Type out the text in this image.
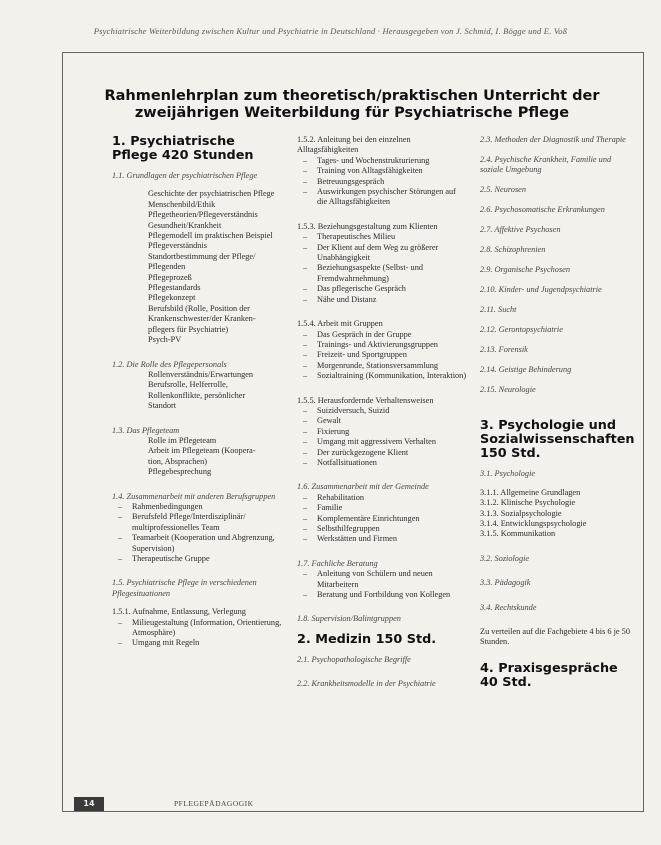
Psychiatrische Weiterbildung zwischen Kultur und Psychiatrie in Deutschland · Herausgegeben von J. Schmid, I. Bögge und E. Voß
Rahmenlehrplan zum theoretisch/praktischen Unterricht der
zweijährigen Weiterbildung für Psychiatrische Pflege
1. Psychiatrische
Pflege 420 Stunden
1.1. Grundlagen der psychiatrischen Pflege
Geschichte der psychiatrischen Pflege
Menschenbild/Ethik
Pflegetheorien/Pflegeverständnis
Gesundheit/Krankheit
Pflegemodell im praktischen Beispiel
Pflegeverständnis
Standortbestimmung der Pflege/
Pflegenden
Pflegeprozeß
Pflegestandards
Pflegekonzept
Berufsbild (Rolle, Position der Krankenschwester/der Kranken-
pflegers für Psychiatrie)
Psych-PV
1.2. Die Rolle des Pflegepersonals
Rollenverständnis/Erwartungen
Berufsrolle, Helferrolle,
Rollenkonflikte, persönlicher
Standort
1.3. Das Pflegeteam
Rolle im Pflegeteam
Arbeit im Pflegeteam (Koopera-
tion, Absprachen)
Pflegebesprechung
1.4. Zusammenarbeit mit anderen Berufsgruppen
– Rahmenbedingungen
– Berufsfeld Pflege/Interdisziplinär/ multiprofessionelles Team
– Teamarbeit (Kooperation und Abgrenzung, Supervision)
– Therapeutische Gruppe
1.5. Psychiatrische Pflege in verschiedenen Pflegesituationen
1.5.1. Aufnahme, Entlassung, Verlegung
– Milieugestaltung (Information, Orientierung, Atmosphäre)
– Umgang mit Regeln
1.5.2. Anleitung bei den einzelnen Alltagsfähigkeiten
– Tages- und Wochenstrukturierung
– Training von Alltagsfähigkeiten
– Betreuungsgespräch
– Auswirkungen psychischer Störungen auf die Alltagsfähigkeiten
1.5.3. Beziehungsgestaltung zum Klienten
– Therapeutisches Milieu
– Der Klient auf dem Weg zu größerer Unabhängigkeit
– Beziehungsaspekte (Selbst- und Fremdwahrnehmung)
– Das pflegerische Gespräch
– Nähe und Distanz
1.5.4. Arbeit mit Gruppen
– Das Gespräch in der Gruppe
– Trainings- und Aktivierungsgruppen
– Freizeit- und Sportgruppen
– Morgenrunde, Stationsversammlung
– Sozialtraining (Kommunikation, Interaktion)
1.5.5. Herausfordernde Verhaltensweisen
– Suizidversuch, Suizid
– Gewalt
– Fixierung
– Umgang mit aggressivem Verhalten
– Der zurückgezogene Klient
– Notfallsituationen
1.6. Zusammenarbeit mit der Gemeinde
– Rehabilitation
– Familie
– Komplementäre Einrichtungen
– Selbsthilfegruppen
– Werkstätten und Firmen
1.7. Fachliche Beratung
– Anleitung von Schülern und neuen Mitarbeitern
– Beratung und Fortbildung von Kollegen
1.8. Supervision/Balintgruppen
2. Medizin 150 Std.
2.1. Psychopathologische Begriffe
2.2. Krankheitsmodelle in der Psychiatrie
2.3. Methoden der Diagnostik und Therapie
2.4. Psychische Krankheit, Familie und soziale Umgebung
2.5. Neurosen
2.6. Psychosomatische Erkrankungen
2.7. Affektive Psychosen
2.8. Schizophrenien
2.9. Organische Psychosen
2.10. Kinder- und Jugendpsychiatrie
2.11. Sucht
2.12. Gerontopsychiatrie
2.13. Forensik
2.14. Geistige Behinderung
2.15. Neurologie
3. Psychologie und
Sozialwissenschaften
150 Std.
3.1. Psychologie
3.1.1. Allgemeine Grundlagen
3.1.2. Klinische Psychologie
3.1.3. Sozialpsychologie
3.1.4. Entwicklungspsychologie
3.1.5. Kommunikation
3.2. Soziologie
3.3. Pädagogik
3.4. Rechtskunde
Zu verteilen auf die Fachgebiete 4 bis 6 je 50 Stunden.
4. Praxisgespräche
40 Std.
14	PFLEGEPÄDAGOGIK
